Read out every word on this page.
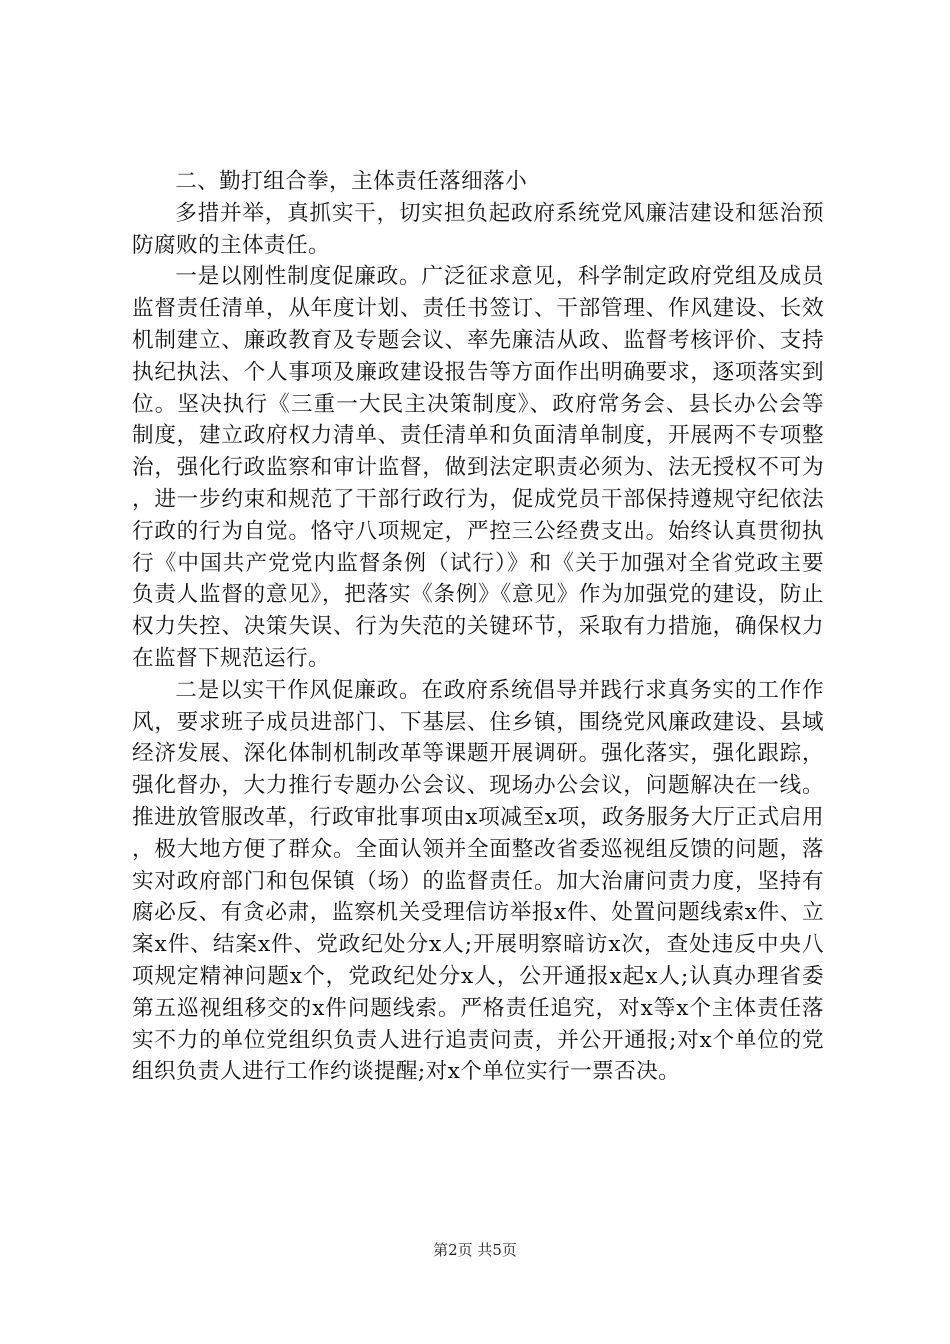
二、勤打组合拳，主体责任落细落小

多措并举，真抓实干，切实担负起政府系统党风廉洁建设和惩治预防腐败的主体责任。

一是以刚性制度促廉政。广泛征求意见，科学制定政府党组及成员监督责任清单，从年度计划、责任书签订、干部管理、作风建设、长效机制建立、廉政教育及专题会议、率先廉洁从政、监督考核评价、支持执纪执法、个人事项及廉政建设报告等方面作出明确要求，逐项落实到位。坚决执行《三重一大民主决策制度》、政府常务会、县长办公会等制度，建立政府权力清单、责任清单和负面清单制度，开展两不专项整治，强化行政监察和审计监督，做到法定职责必须为、法无授权不可为，进一步约束和规范了干部行政行为，促成党员干部保持遵规守纪依法行政的行为自觉。恪守八项规定，严控三公经费支出。始终认真贯彻执行《中国共产党党内监督条例（试行）》和《关于加强对全省党政主要负责人监督的意见》，把落实《条例》《意见》作为加强党的建设，防止权力失控、决策失误、行为失范的关键环节，采取有力措施，确保权力在监督下规范运行。

二是以实干作风促廉政。在政府系统倡导并践行求真务实的工作作风，要求班子成员进部门、下基层、住乡镇，围绕党风廉政建设、县域经济发展、深化体制机制改革等课题开展调研。强化落实，强化跟踪，强化督办，大力推行专题办公会议、现场办公会议，问题解决在一线。推进放管服改革，行政审批事项由x项减至x项，政务服务大厅正式启用，极大地方便了群众。全面认领并全面整改省委巡视组反馈的问题，落实对政府部门和包保镇（场）的监督责任。加大治庸问责力度，坚持有腐必反、有贪必肃，监察机关受理信访举报x件、处置问题线索x件、立案x件、结案x件、党政纪处分x人;开展明察暗访x次，查处违反中央八项规定精神问题x个，党政纪处分x人，公开通报x起x人;认真办理省委第五巡视组移交的x件问题线索。严格责任追究，对x等x个主体责任落实不力的单位党组织负责人进行追责问责，并公开通报;对x个单位的党组织负责人进行工作约谈提醒;对x个单位实行一票否决。

第2页 共5页
